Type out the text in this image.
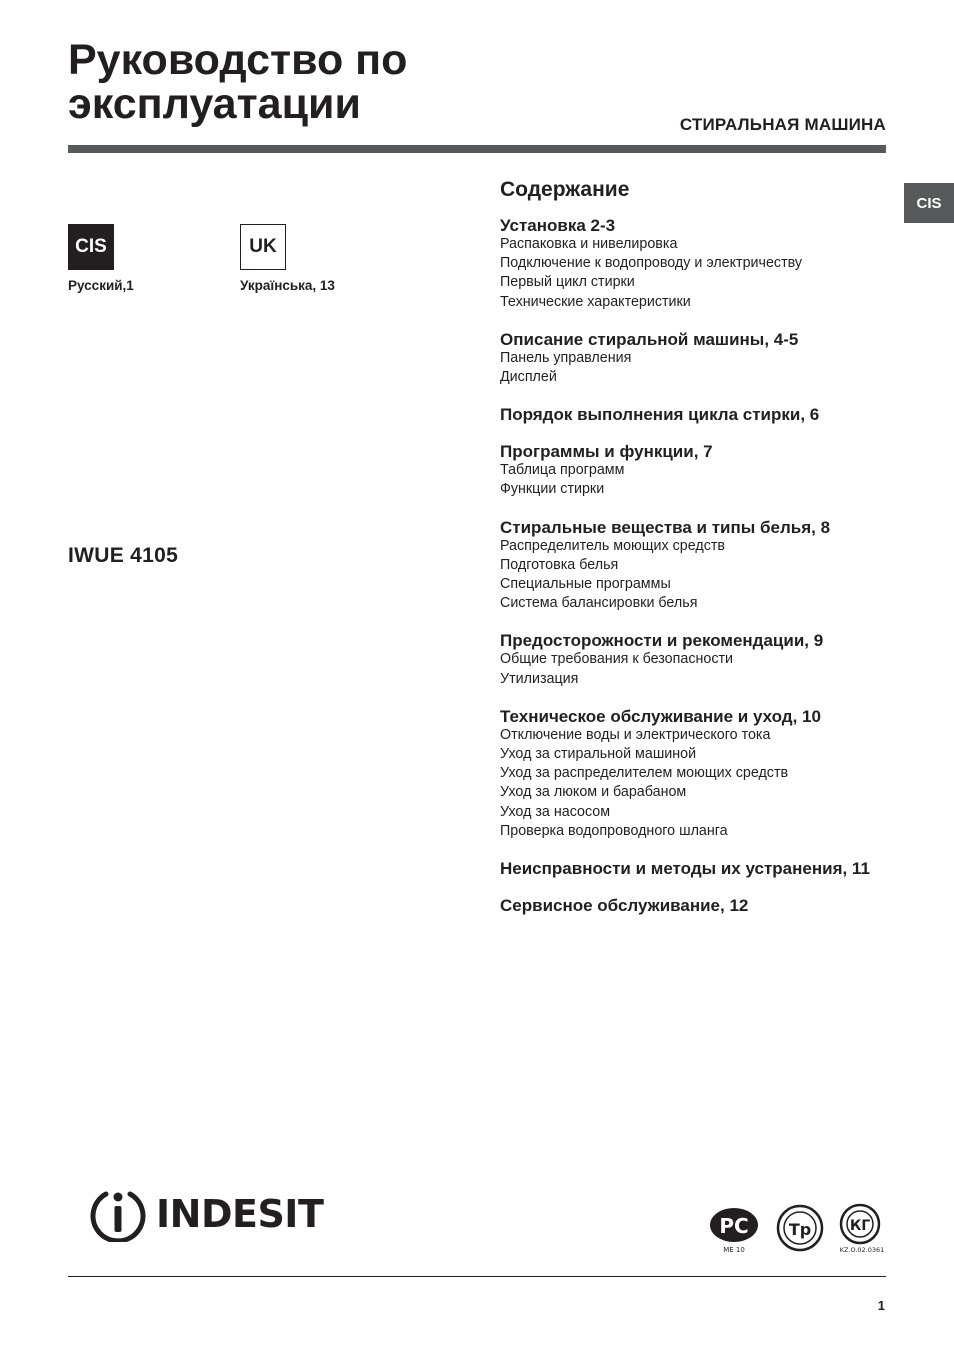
Руководство по
эксплуатации	СТИРАЛЬНАЯ МАШИНА
CIS
CIS
Русский,1
UK
Українська, 13
IWUE 4105
Содержание
Установка 2-3
Распаковка и нивелировка
Подключение к водопроводу и электричеству
Первый цикл стирки
Технические характеристики
Описание стиральной машины, 4-5
Панель управления
Дисплей
Порядок выполнения цикла стирки, 6
Программы и функции, 7
Таблица программ
Функции стирки
Стиральные вещества и типы белья, 8
Распределитель моющих средств
Подготовка белья
Специальные программы
Система балансировки белья
Предосторожности и рекомендации, 9
Общие требования к безопасности
Утилизация
Техническое обслуживание и уход, 10
Отключение воды и электрического тока
Уход за стиральной машиной
Уход за распределителем моющих средств
Уход за люком и барабаном
Уход за насосом
Проверка водопроводного шланга
Неисправности и методы их устранения, 11
Сервисное обслуживание, 12
INDESIT	РС
ME 10
Тр	КΓ
KZ.O.02.0361
1
